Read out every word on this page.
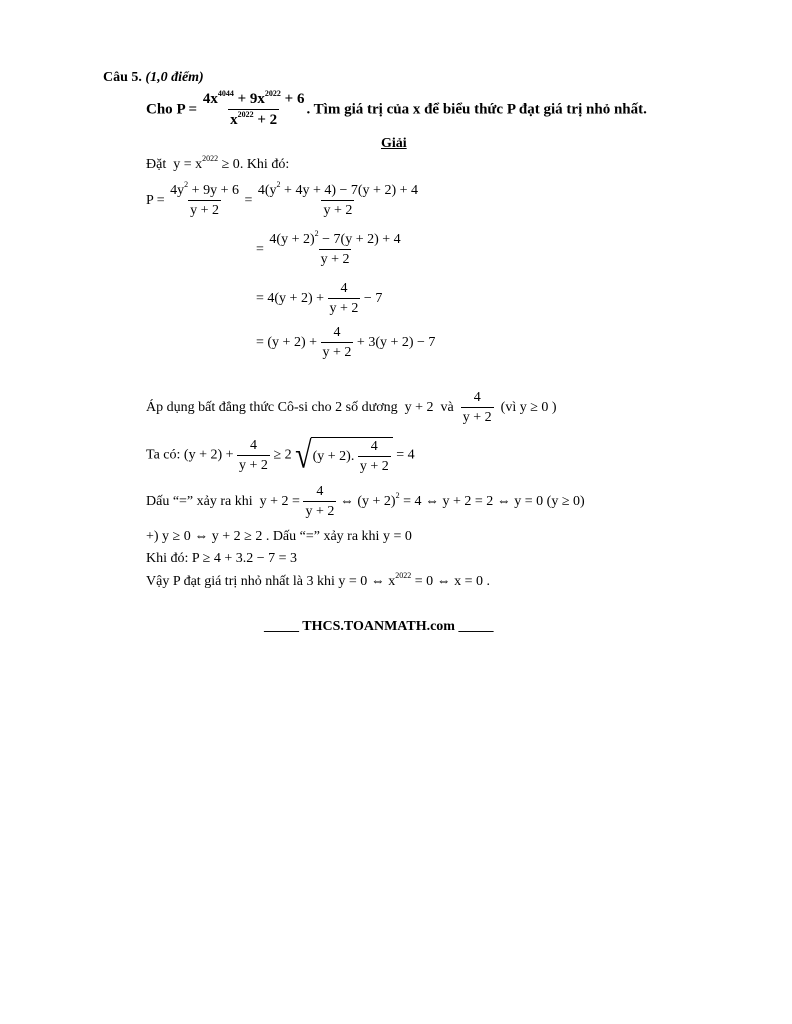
Câu 5. (1,0 điểm)
Cho $P = \frac{4x^{4044} + 9x^{2022} + 6}{x^{2022} + 2}$ . Tìm giá trị của x để biểu thức P đạt giá trị nhỏ nhất.
Giải
Đặt $y = x^{2022} \ge 0$. Khi đó:
$P = \frac{4y^2 + 9y + 6}{y + 2} = \frac{4(y^2 + 4y + 4) - 7(y + 2) + 4}{y + 2}$
= $\frac{4(y + 2)^2 - 7(y + 2) + 4}{y + 2}$
= $4(y + 2) + \frac{4}{y + 2} - 7$
= $(y + 2) + \frac{4}{y + 2} + 3(y + 2) - 7$
Áp dụng bất đẳng thức Cô-si cho 2 số dương y + 2 và $\frac{4}{y + 2}$ (vì y ≥ 0 )
Ta có: $(y + 2) + \frac{4}{y + 2} \ge 2$ √ (y + 2). $\frac{4}{y + 2} = 4$
Dấu “=” xảy ra khi $y + 2 = \frac{4}{y + 2}$ ⇔ $(y + 2)^2 = 4$ ⇔ y + 2 = 2 ⇔ y = 0 (y ≥ 0)
+) y ≥ 0 ⇔ y + 2 ≥ 2 . Dấu “=” xảy ra khi y = 0
Khi đó: P ≥ 4 + 3.2 − 7 = 3
Vậy P đạt giá trị nhỏ nhất là 3 khi y = 0 ⇔ $x^{2022} = 0$ ⇔ x = 0 .
_____ THCS.TOANMATH.com _____
